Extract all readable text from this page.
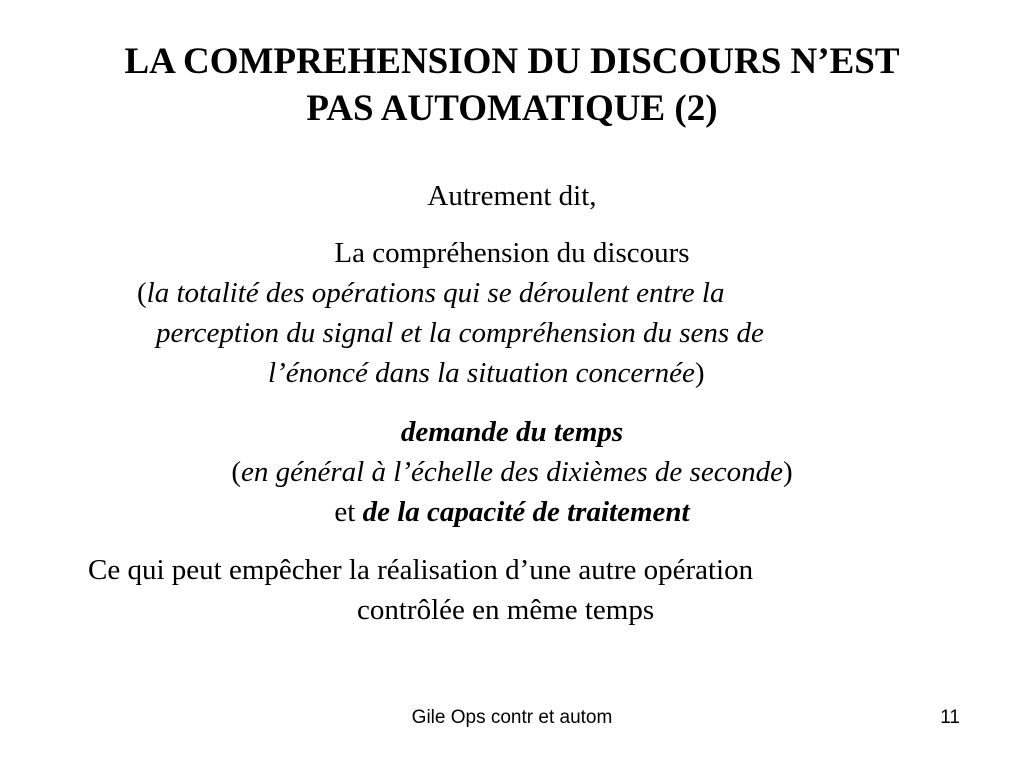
LA COMPREHENSION DU DISCOURS N’EST
PAS AUTOMATIQUE (2)
Autrement dit,
La compréhension du discours
(la totalité des opérations qui se déroulent entre la
perception du signal et la compréhension du sens de
l’énoncé dans la situation concernée)
demande du temps
(en général à l’échelle des dixièmes de seconde)
et de la capacité de traitement
Ce qui peut empêcher la réalisation d’une autre opération
contrôlée en même temps
Gile Ops contr et autom	11
